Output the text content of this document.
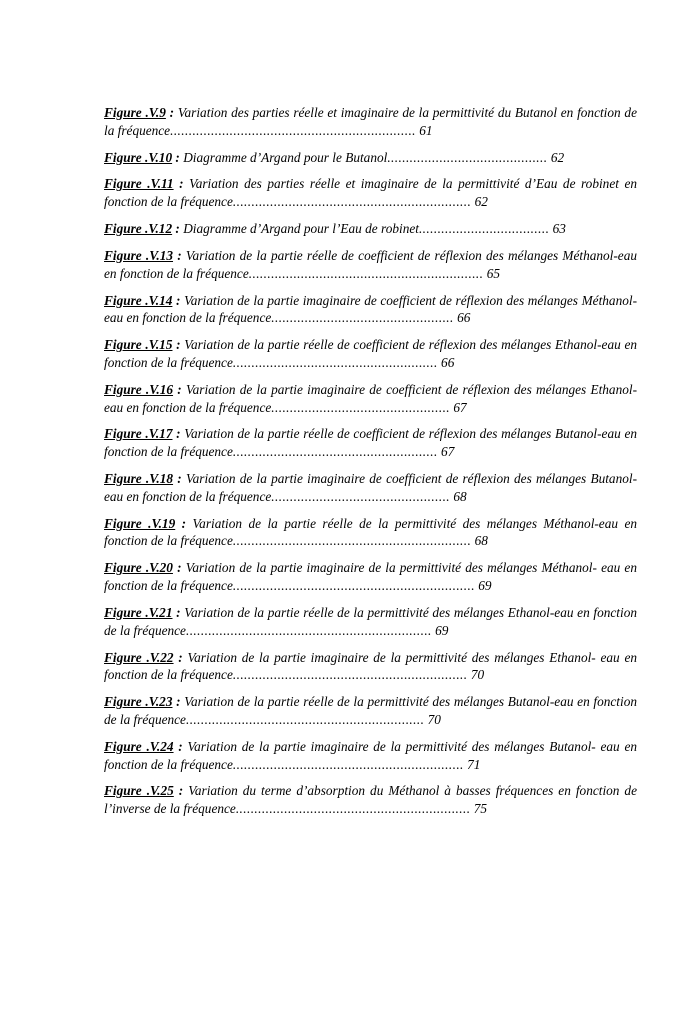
Figure .V.9 : Variation des parties réelle et imaginaire de la permittivité du Butanol en fonction de la fréquence.................................................................. 61
Figure .V.10 : Diagramme d’Argand pour le Butanol........................................... 62
Figure .V.11 : Variation des parties réelle et imaginaire de la permittivité d’Eau de robinet en fonction de la fréquence................................................................ 62
Figure .V.12 : Diagramme d’Argand pour l’Eau de robinet................................... 63
Figure .V.13 : Variation de la partie réelle de coefficient de réflexion des mélanges Méthanol-eau en fonction de la fréquence............................................................... 65
Figure .V.14 : Variation de la partie imaginaire de coefficient de réflexion des mélanges Méthanol-eau en fonction de la fréquence................................................. 66
Figure .V.15 : Variation de la partie réelle de coefficient de réflexion des mélanges Ethanol-eau en fonction de la fréquence....................................................... 66
Figure .V.16 : Variation de la partie imaginaire de coefficient de réflexion des mélanges Ethanol-eau en fonction de la fréquence................................................ 67
Figure .V.17 : Variation de la partie réelle de coefficient de réflexion des mélanges Butanol-eau en fonction de la fréquence....................................................... 67
Figure .V.18 : Variation de la partie imaginaire de coefficient de réflexion des mélanges Butanol-eau en fonction de la fréquence................................................ 68
Figure .V.19 : Variation de la partie réelle de la permittivité des mélanges Méthanol-eau en fonction de la fréquence................................................................ 68
Figure .V.20 : Variation de la partie imaginaire de la permittivité des mélanges Méthanol- eau en fonction de la fréquence................................................................. 69
Figure .V.21 : Variation de la partie réelle de la permittivité des mélanges Ethanol-eau en fonction de la fréquence.................................................................. 69
Figure .V.22 : Variation de la partie imaginaire de la permittivité des mélanges Ethanol- eau en fonction de la fréquence............................................................... 70
Figure .V.23 : Variation de la partie réelle de la permittivité des mélanges Butanol-eau en fonction de la fréquence................................................................ 70
Figure .V.24 : Variation de la partie imaginaire de la permittivité des mélanges Butanol- eau en fonction de la fréquence.............................................................. 71
Figure .V.25 : Variation du terme d’absorption du Méthanol à basses fréquences en fonction de l’inverse de la fréquence............................................................... 75
